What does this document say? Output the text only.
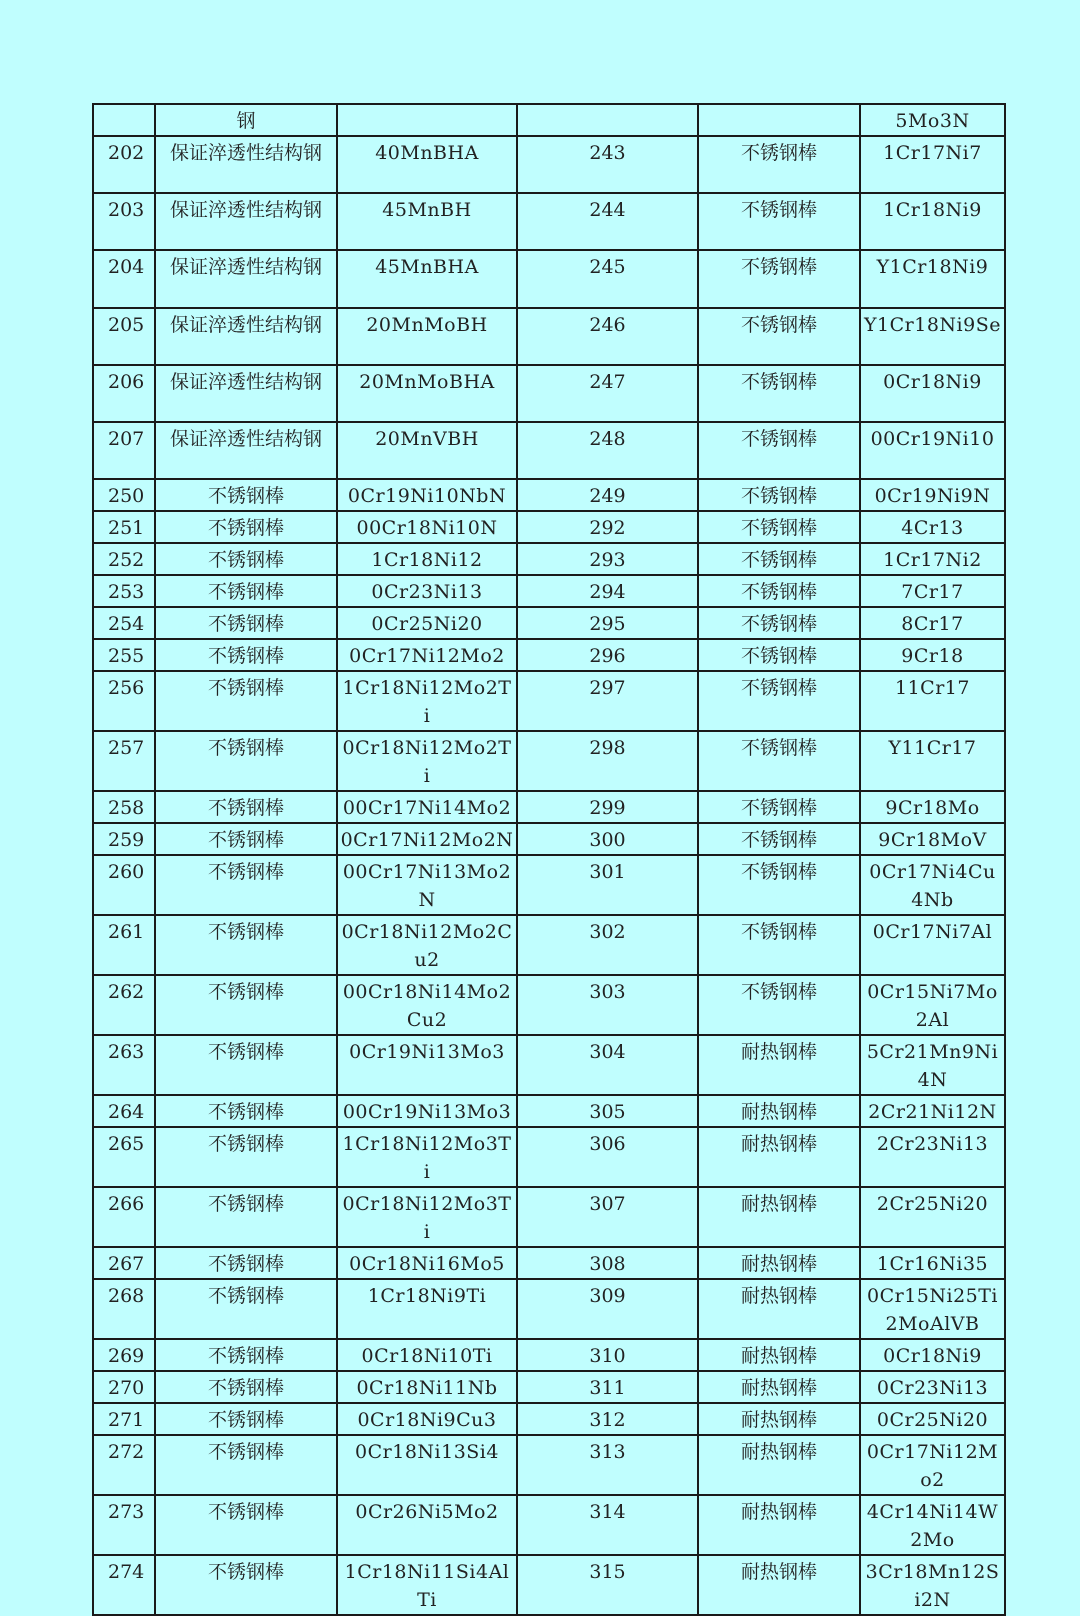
	钢				5Mo3N
202	保证淬透性结构钢	40MnBHA	243	不锈钢棒	1Cr17Ni7
203	保证淬透性结构钢	45MnBH	244	不锈钢棒	1Cr18Ni9
204	保证淬透性结构钢	45MnBHA	245	不锈钢棒	Y1Cr18Ni9
205	保证淬透性结构钢	20MnMoBH	246	不锈钢棒	Y1Cr18Ni9Se
206	保证淬透性结构钢	20MnMoBHA	247	不锈钢棒	0Cr18Ni9
207	保证淬透性结构钢	20MnVBH	248	不锈钢棒	00Cr19Ni10
250	不锈钢棒	0Cr19Ni10NbN	249	不锈钢棒	0Cr19Ni9N
251	不锈钢棒	00Cr18Ni10N	292	不锈钢棒	4Cr13
252	不锈钢棒	1Cr18Ni12	293	不锈钢棒	1Cr17Ni2
253	不锈钢棒	0Cr23Ni13	294	不锈钢棒	7Cr17
254	不锈钢棒	0Cr25Ni20	295	不锈钢棒	8Cr17
255	不锈钢棒	0Cr17Ni12Mo2	296	不锈钢棒	9Cr18
256	不锈钢棒	1Cr18Ni12Mo2Ti	297	不锈钢棒	11Cr17
257	不锈钢棒	0Cr18Ni12Mo2Ti	298	不锈钢棒	Y11Cr17
258	不锈钢棒	00Cr17Ni14Mo2	299	不锈钢棒	9Cr18Mo
259	不锈钢棒	0Cr17Ni12Mo2N	300	不锈钢棒	9Cr18MoV
260	不锈钢棒	00Cr17Ni13Mo2N	301	不锈钢棒	0Cr17Ni4Cu4Nb
261	不锈钢棒	0Cr18Ni12Mo2Cu2	302	不锈钢棒	0Cr17Ni7Al
262	不锈钢棒	00Cr18Ni14Mo2Cu2	303	不锈钢棒	0Cr15Ni7Mo2Al
263	不锈钢棒	0Cr19Ni13Mo3	304	耐热钢棒	5Cr21Mn9Ni4N
264	不锈钢棒	00Cr19Ni13Mo3	305	耐热钢棒	2Cr21Ni12N
265	不锈钢棒	1Cr18Ni12Mo3Ti	306	耐热钢棒	2Cr23Ni13
266	不锈钢棒	0Cr18Ni12Mo3Ti	307	耐热钢棒	2Cr25Ni20
267	不锈钢棒	0Cr18Ni16Mo5	308	耐热钢棒	1Cr16Ni35
268	不锈钢棒	1Cr18Ni9Ti	309	耐热钢棒	0Cr15Ni25Ti2MoAlVB
269	不锈钢棒	0Cr18Ni10Ti	310	耐热钢棒	0Cr18Ni9
270	不锈钢棒	0Cr18Ni11Nb	311	耐热钢棒	0Cr23Ni13
271	不锈钢棒	0Cr18Ni9Cu3	312	耐热钢棒	0Cr25Ni20
272	不锈钢棒	0Cr18Ni13Si4	313	耐热钢棒	0Cr17Ni12Mo2
273	不锈钢棒	0Cr26Ni5Mo2	314	耐热钢棒	4Cr14Ni14W2Mo
274	不锈钢棒	1Cr18Ni11Si4AlTi	315	耐热钢棒	3Cr18Mn12Si2N
